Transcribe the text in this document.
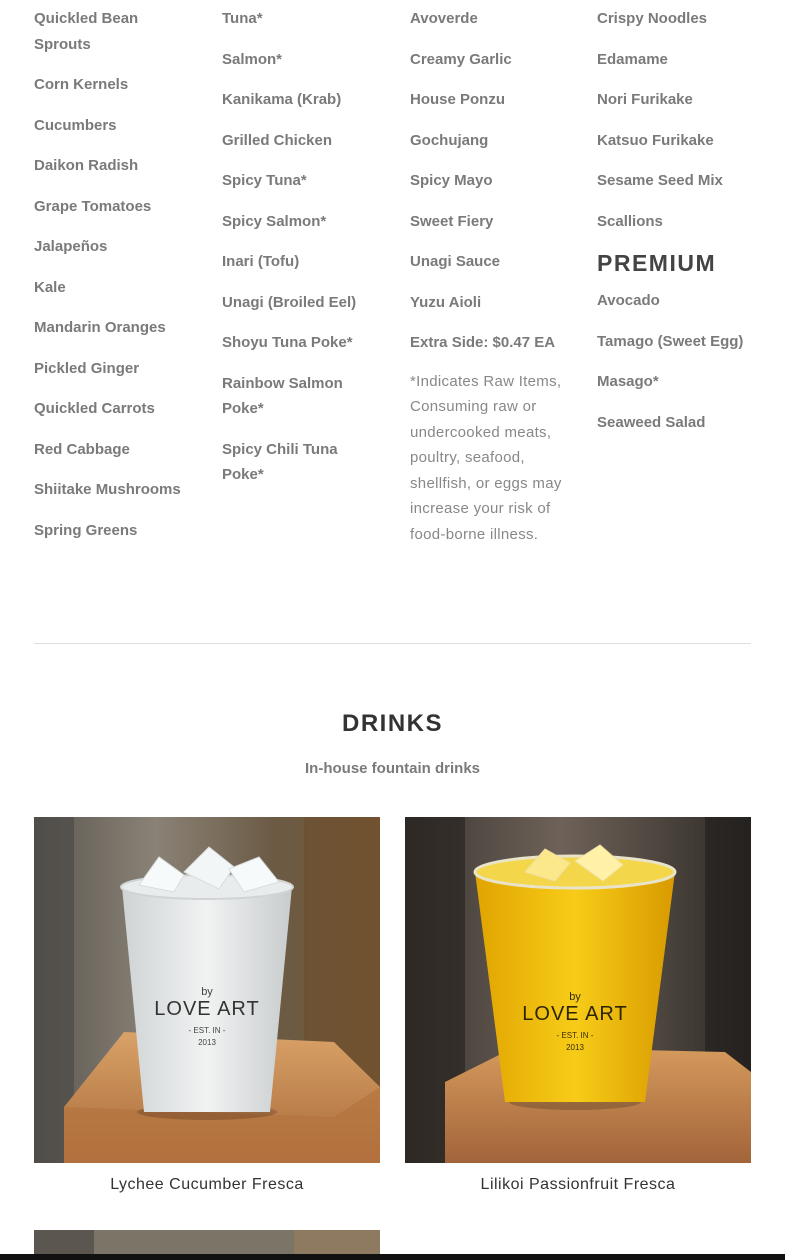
Quickled Bean Sprouts
Corn Kernels
Cucumbers
Daikon Radish
Grape Tomatoes
Jalapeños
Kale
Mandarin Oranges
Pickled Ginger
Quickled Carrots
Red Cabbage
Shiitake Mushrooms
Spring Greens
Tuna*
Salmon*
Kanikama (Krab)
Grilled Chicken
Spicy Tuna*
Spicy Salmon*
Inari (Tofu)
Unagi (Broiled Eel)
Shoyu Tuna Poke*
Rainbow Salmon Poke*
Spicy Chili Tuna Poke*
Avoverde
Creamy Garlic
House Ponzu
Gochujang
Spicy Mayo
Sweet Fiery
Unagi Sauce
Yuzu Aioli
Extra Side: $0.47 EA

*Indicates Raw Items, Consuming raw or undercooked meats, poultry, seafood, shellfish, or eggs may increase your risk of food-borne illness.

Crispy Noodles
Edamame
Nori Furikake
Katsuo Furikake
Sesame Seed Mix
Scallions
PREMIUM
Avocado
Tamago (Sweet Egg)
Masago*
Seaweed Salad
DRINKS

In-house fountain drinks

by
LOVE ART
- EST. IN -
2013
Lychee Cucumber Fresca
by
LOVE ART
- EST. IN -
2013
Lilikoi Passionfruit Fresca
